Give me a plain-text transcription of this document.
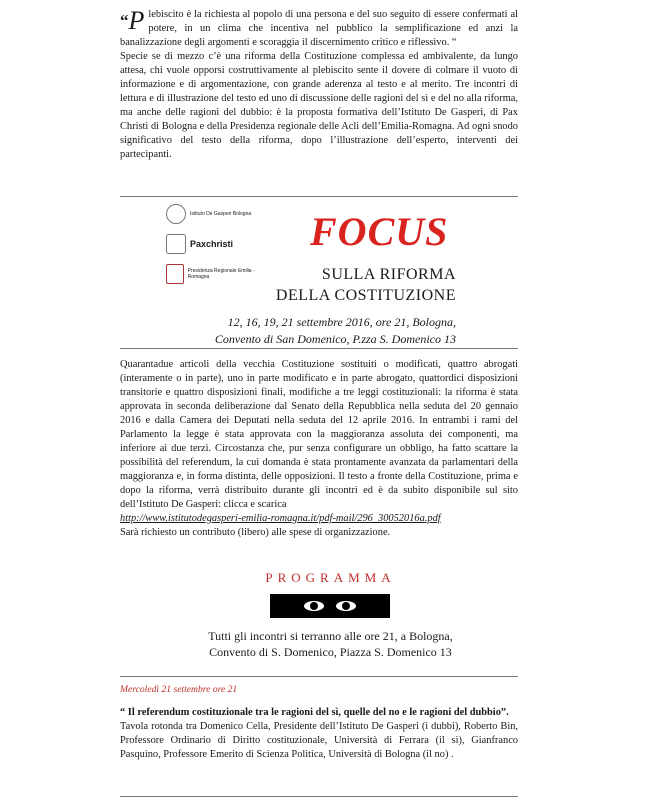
“P lebiscito è la richiesta al popolo di una persona e del suo seguito di essere confermati al potere, in un clima che incentiva nel pubblico la semplificazione ed anzi la banalizzazione degli argomenti e scoraggia il discernimento critico e riflessivo. “
Specie se di mezzo c’è una riforma della Costituzione complessa ed ambivalente, da lungo attesa, chi vuole opporsi costruttivamente al plebiscito sente il dovere di colmare il vuoto di informazione e di argomentazione, con grande aderenza al testo e al merito. Tre incontri di lettura e di illustrazione del testo ed uno di discussione delle ragioni del sì e del no alla riforma, ma anche delle ragioni del dubbio: è la proposta formativa dell’Istituto De Gasperi, di Pax Christi di Bologna e della Presidenza regionale delle Acli dell’Emilia-Romagna. Ad ogni snodo significativo del testo della riforma, dopo l’illustrazione dell’esperto, interventi dei partecipanti.
Istituto De Gasperi Bologna
Paxchristi
Presidenza Regionale Emilia - Romagna
FOCUS
SULLA RIFORMA
DELLA COSTITUZIONE
12, 16, 19, 21 settembre 2016, ore 21, Bologna,
Convento di San Domenico, P.zza S. Domenico 13
Quarantadue articoli della vecchia Costituzione sostituiti o modificati, quattro abrogati (interamente o in parte), uno in parte modificato e in parte abrogato, quattordici disposizioni transitorie e quattro disposizioni finali, modifiche a tre leggi costituzionali: la riforma è stata approvata in seconda deliberazione dal Senato della Repubblica nella seduta del 20 gennaio 2016 e dalla Camera dei Deputati nella seduta del 12 aprile 2016. In entrambi i rami del Parlamento la legge è stata approvata con la maggioranza assoluta dei componenti, ma inferiore ai due terzi. Circostanza che, pur senza configurare un obbligo, ha fatto scattare la possibilità del referendum, la cui domanda è stata prontamente avanzata da parlamentari della maggioranza e, in forma distinta, delle opposizioni. Il testo a fronte della Costituzione, prima e dopo la riforma, verrà distribuito durante gli incontri ed è da subito disponibile sul sito dell’Istituto De Gasperi: clicca e scarica
http://www.istitutodegasperi-emilia-romagna.it/pdf-mail/296_30052016a.pdf
Sarà richiesto un contributo (libero) alle spese di organizzazione.
PROGRAMMA
Tutti gli incontri si terranno alle ore 21, a Bologna,
Convento di S. Domenico, Piazza S. Domenico 13
Mercoledì 21 settembre ore 21
“ Il referendum costituzionale tra le ragioni del sì, quelle del no e le ragioni del dubbio”.
Tavola rotonda tra Domenico Cella, Presidente dell’Istituto De Gasperi (i dubbi), Roberto Bin, Professore Ordinario di Diritto costituzionale, Università di Ferrara (il sì), Gianfranco Pasquino, Professore Emerito di Scienza Politica, Università di Bologna (il no) .
